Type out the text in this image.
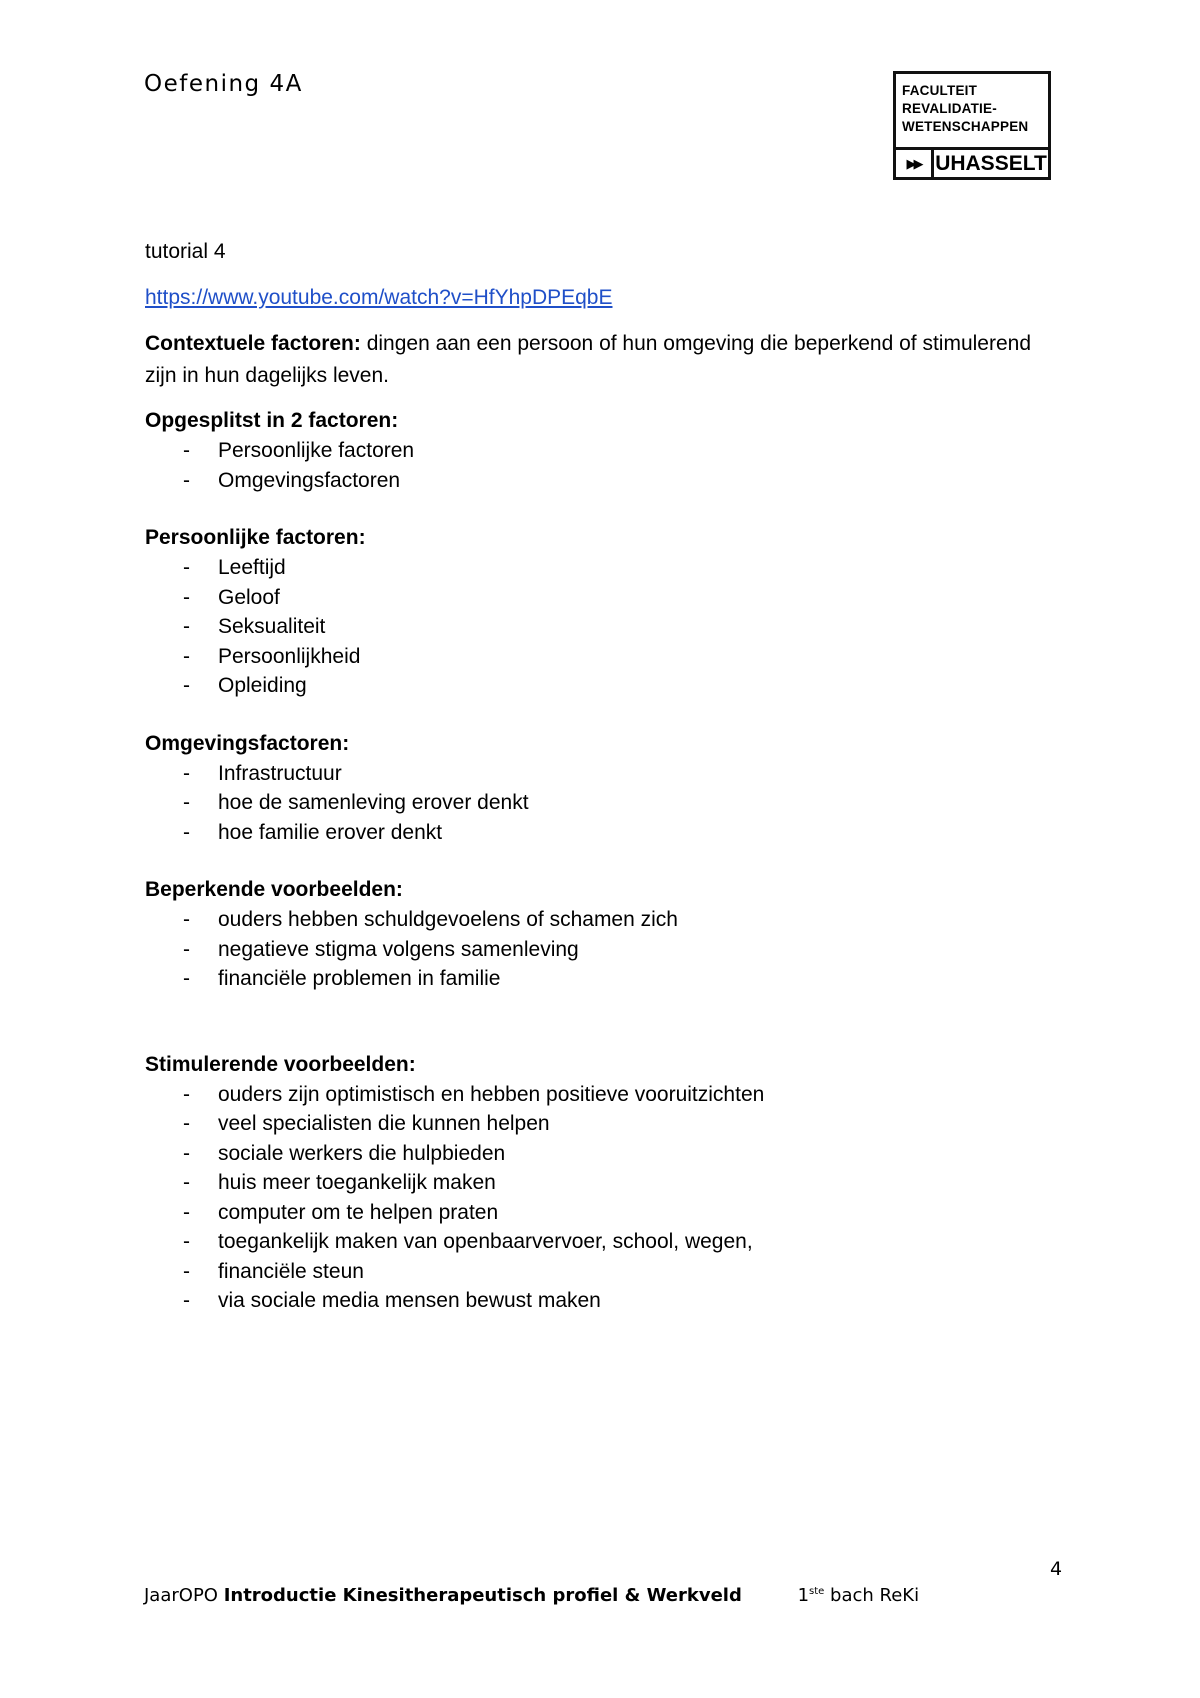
Oefening 4A	FACULTEIT
REVALIDATIE-
WETENSCHAPPEN
▶▶ UHASSELT

tutorial 4

https://www.youtube.com/watch?v=HfYhpDPEqbE

Contextuele factoren: dingen aan een persoon of hun omgeving die beperkend of stimulerend zijn in hun dagelijks leven.

Opgesplitst in 2 factoren:

- Persoonlijke factoren
- Omgevingsfactoren

Persoonlijke factoren:

- Leeftijd
- Geloof
- Seksualiteit
- Persoonlijkheid
- Opleiding

Omgevingsfactoren:

- Infrastructuur
- hoe de samenleving erover denkt
- hoe familie erover denkt

Beperkende voorbeelden:

- ouders hebben schuldgevoelens of schamen zich
- negatieve stigma volgens samenleving
- financiële problemen in familie

Stimulerende voorbeelden:

- ouders zijn optimistisch en hebben positieve vooruitzichten
- veel specialisten die kunnen helpen
- sociale werkers die hulpbieden
- huis meer toegankelijk maken
- computer om te helpen praten
- toegankelijk maken van openbaarvervoer, school, wegen,
- financiële steun
- via sociale media mensen bewust maken
4
JaarOPO Introductie Kinesitherapeutisch profiel & Werkveld	1ste bach ReKi
